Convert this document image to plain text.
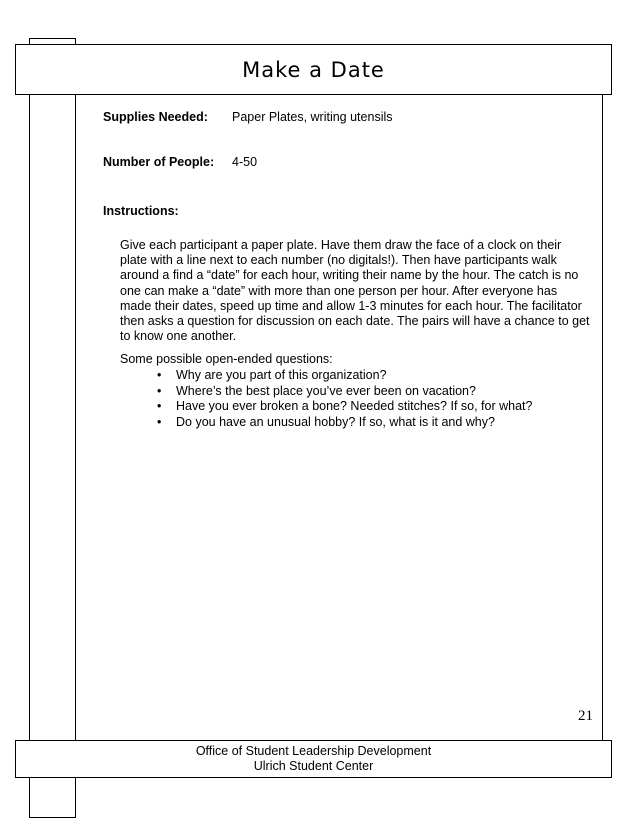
Make a Date
Supplies Needed: Paper Plates, writing utensils
Number of People: 4-50
Instructions:
Give each participant a paper plate. Have them draw the face of a clock on their plate with a line next to each number (no digitals!). Then have participants walk around a find a “date” for each hour, writing their name by the hour. The catch is no one can make a “date” with more than one person per hour. After everyone has made their dates, speed up time and allow 1-3 minutes for each hour. The facilitator then asks a question for discussion on each date. The pairs will have a chance to get to know one another.
Some possible open-ended questions:
• Why are you part of this organization?
• Where’s the best place you’ve ever been on vacation?
• Have you ever broken a bone? Needed stitches? If so, for what?
• Do you have an unusual hobby? If so, what is it and why?
21
Office of Student Leadership Development
Ulrich Student Center
